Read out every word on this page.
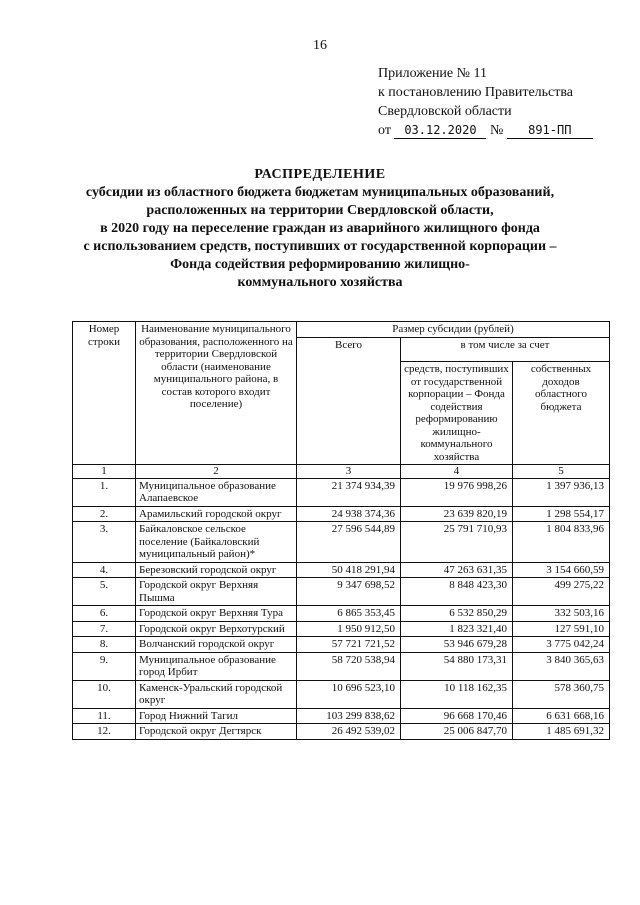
16
Приложение № 11
к постановлению Правительства
Свердловской области
от 03.12.2020 № 891-ПП
РАСПРЕДЕЛЕНИЕ
субсидии из областного бюджета бюджетам муниципальных образований,
расположенных на территории Свердловской области,
в 2020 году на переселение граждан из аварийного жилищного фонда
с использованием средств, поступивших от государственной корпорации –
Фонда содействия реформированию жилищно-
коммунального хозяйства
Номер строки	Наименование муниципального образования, расположенного на территории Свердловской области (наименование муниципального района, в состав которого входит поселение)	Размер субсидии (рублей)		
		Всего	в том числе за счет	
			средств, поступивших от государственной корпорации – Фонда содействия реформированию жилищно-коммунального хозяйства	собственных доходов областного бюджета
1	2	3	4	5
1.	Муниципальное образование Алапаевское	21 374 934,39	19 976 998,26	1 397 936,13
2.	Арамильский городской округ	24 938 374,36	23 639 820,19	1 298 554,17
3.	Байкаловское сельское поселение (Байкаловский муниципальный район)*	27 596 544,89	25 791 710,93	1 804 833,96
4.	Березовский городской округ	50 418 291,94	47 263 631,35	3 154 660,59
5.	Городской округ Верхняя Пышма	9 347 698,52	8 848 423,30	499 275,22
6.	Городской округ Верхняя Тура	6 865 353,45	6 532 850,29	332 503,16
7.	Городской округ Верхотурский	1 950 912,50	1 823 321,40	127 591,10
8.	Волчанский городской округ	57 721 721,52	53 946 679,28	3 775 042,24
9.	Муниципальное образование город Ирбит	58 720 538,94	54 880 173,31	3 840 365,63
10.	Каменск-Уральский городской округ	10 696 523,10	10 118 162,35	578 360,75
11.	Город Нижний Тагил	103 299 838,62	96 668 170,46	6 631 668,16
12.	Городской округ Дегтярск	26 492 539,02	25 006 847,70	1 485 691,32
